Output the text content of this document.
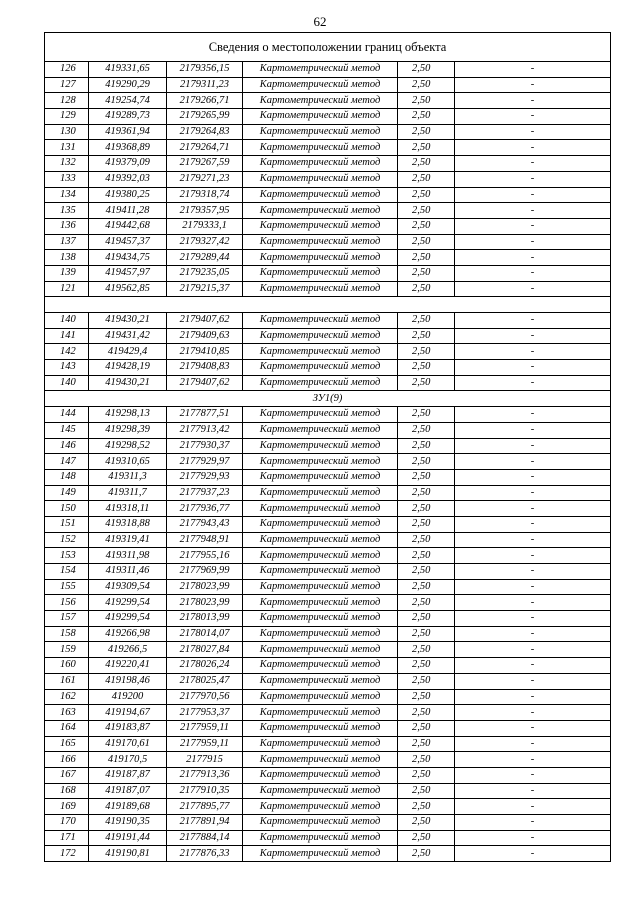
62
Сведения о местоположении границ объекта					
126	419331,65	2179356,15	Картометрический метод	2,50	-
127	419290,29	2179311,23	Картометрический метод	2,50	-
128	419254,74	2179266,71	Картометрический метод	2,50	-
129	419289,73	2179265,99	Картометрический метод	2,50	-
130	419361,94	2179264,83	Картометрический метод	2,50	-
131	419368,89	2179264,71	Картометрический метод	2,50	-
132	419379,09	2179267,59	Картометрический метод	2,50	-
133	419392,03	2179271,23	Картометрический метод	2,50	-
134	419380,25	2179318,74	Картометрический метод	2,50	-
135	419411,28	2179357,95	Картометрический метод	2,50	-
136	419442,68	2179333,1	Картометрический метод	2,50	-
137	419457,37	2179327,42	Картометрический метод	2,50	-
138	419434,75	2179289,44	Картометрический метод	2,50	-
139	419457,97	2179235,05	Картометрический метод	2,50	-
121	419562,85	2179215,37	Картометрический метод	2,50	-

140	419430,21	2179407,62	Картометрический метод	2,50	-
141	419431,42	2179409,63	Картометрический метод	2,50	-
142	419429,4	2179410,85	Картометрический метод	2,50	-
143	419428,19	2179408,83	Картометрический метод	2,50	-
140	419430,21	2179407,62	Картометрический метод	2,50	-
ЗУ1(9)					
144	419298,13	2177877,51	Картометрический метод	2,50	-
145	419298,39	2177913,42	Картометрический метод	2,50	-
146	419298,52	2177930,37	Картометрический метод	2,50	-
147	419310,65	2177929,97	Картометрический метод	2,50	-
148	419311,3	2177929,93	Картометрический метод	2,50	-
149	419311,7	2177937,23	Картометрический метод	2,50	-
150	419318,11	2177936,77	Картометрический метод	2,50	-
151	419318,88	2177943,43	Картометрический метод	2,50	-
152	419319,41	2177948,91	Картометрический метод	2,50	-
153	419311,98	2177955,16	Картометрический метод	2,50	-
154	419311,46	2177969,99	Картометрический метод	2,50	-
155	419309,54	2178023,99	Картометрический метод	2,50	-
156	419299,54	2178023,99	Картометрический метод	2,50	-
157	419299,54	2178013,99	Картометрический метод	2,50	-
158	419266,98	2178014,07	Картометрический метод	2,50	-
159	419266,5	2178027,84	Картометрический метод	2,50	-
160	419220,41	2178026,24	Картометрический метод	2,50	-
161	419198,46	2178025,47	Картометрический метод	2,50	-
162	419200	2177970,56	Картометрический метод	2,50	-
163	419194,67	2177953,37	Картометрический метод	2,50	-
164	419183,87	2177959,11	Картометрический метод	2,50	-
165	419170,61	2177959,11	Картометрический метод	2,50	-
166	419170,5	2177915	Картометрический метод	2,50	-
167	419187,87	2177913,36	Картометрический метод	2,50	-
168	419187,07	2177910,35	Картометрический метод	2,50	-
169	419189,68	2177895,77	Картометрический метод	2,50	-
170	419190,35	2177891,94	Картометрический метод	2,50	-
171	419191,44	2177884,14	Картометрический метод	2,50	-
172	419190,81	2177876,33	Картометрический метод	2,50	-
